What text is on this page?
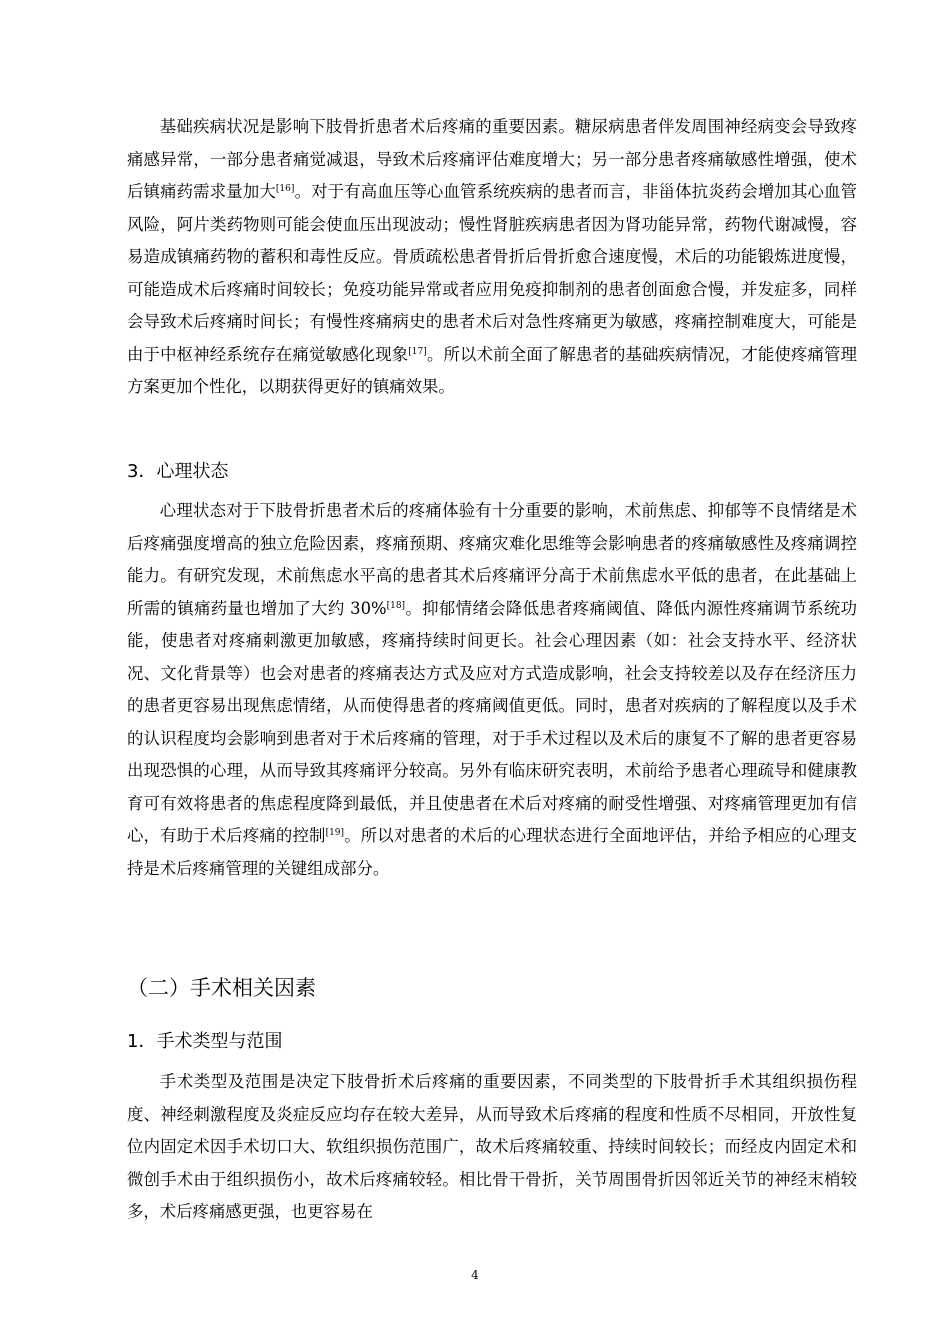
基础疾病状况是影响下肢骨折患者术后疼痛的重要因素。糖尿病患者伴发周围神经病变会导致疼痛感异常，一部分患者痛觉减退，导致术后疼痛评估难度增大；另一部分患者疼痛敏感性增强，使术后镇痛药需求量加大[16]。对于有高血压等心血管系统疾病的患者而言，非甾体抗炎药会增加其心血管风险，阿片类药物则可能会使血压出现波动；慢性肾脏疾病患者因为肾功能异常，药物代谢减慢，容易造成镇痛药物的蓄积和毒性反应。骨质疏松患者骨折后骨折愈合速度慢，术后的功能锻炼进度慢，可能造成术后疼痛时间较长；免疫功能异常或者应用免疫抑制剂的患者创面愈合慢，并发症多，同样会导致术后疼痛时间长；有慢性疼痛病史的患者术后对急性疼痛更为敏感，疼痛控制难度大，可能是由于中枢神经系统存在痛觉敏感化现象[17]。所以术前全面了解患者的基础疾病情况，才能使疼痛管理方案更加个性化，以期获得更好的镇痛效果。

3．心理状态

心理状态对于下肢骨折患者术后的疼痛体验有十分重要的影响，术前焦虑、抑郁等不良情绪是术后疼痛强度增高的独立危险因素，疼痛预期、疼痛灾难化思维等会影响患者的疼痛敏感性及疼痛调控能力。有研究发现，术前焦虑水平高的患者其术后疼痛评分高于术前焦虑水平低的患者，在此基础上所需的镇痛药量也增加了大约 30%[18]。抑郁情绪会降低患者疼痛阈值、降低内源性疼痛调节系统功能，使患者对疼痛刺激更加敏感，疼痛持续时间更长。社会心理因素（如：社会支持水平、经济状况、文化背景等）也会对患者的疼痛表达方式及应对方式造成影响，社会支持较差以及存在经济压力的患者更容易出现焦虑情绪，从而使得患者的疼痛阈值更低。同时，患者对疾病的了解程度以及手术的认识程度均会影响到患者对于术后疼痛的管理，对于手术过程以及术后的康复不了解的患者更容易出现恐惧的心理，从而导致其疼痛评分较高。另外有临床研究表明，术前给予患者心理疏导和健康教育可有效将患者的焦虑程度降到最低，并且使患者在术后对疼痛的耐受性增强、对疼痛管理更加有信心，有助于术后疼痛的控制[19]。所以对患者的术后的心理状态进行全面地评估，并给予相应的心理支持是术后疼痛管理的关键组成部分。

（二）手术相关因素
1．手术类型与范围

手术类型及范围是决定下肢骨折术后疼痛的重要因素，不同类型的下肢骨折手术其组织损伤程度、神经刺激程度及炎症反应均存在较大差异，从而导致术后疼痛的程度和性质不尽相同，开放性复位内固定术因手术切口大、软组织损伤范围广，故术后疼痛较重、持续时间较长；而经皮内固定术和微创手术由于组织损伤小，故术后疼痛较轻。相比骨干骨折，关节周围骨折因邻近关节的神经末梢较多，术后疼痛感更强，也更容易在

4
